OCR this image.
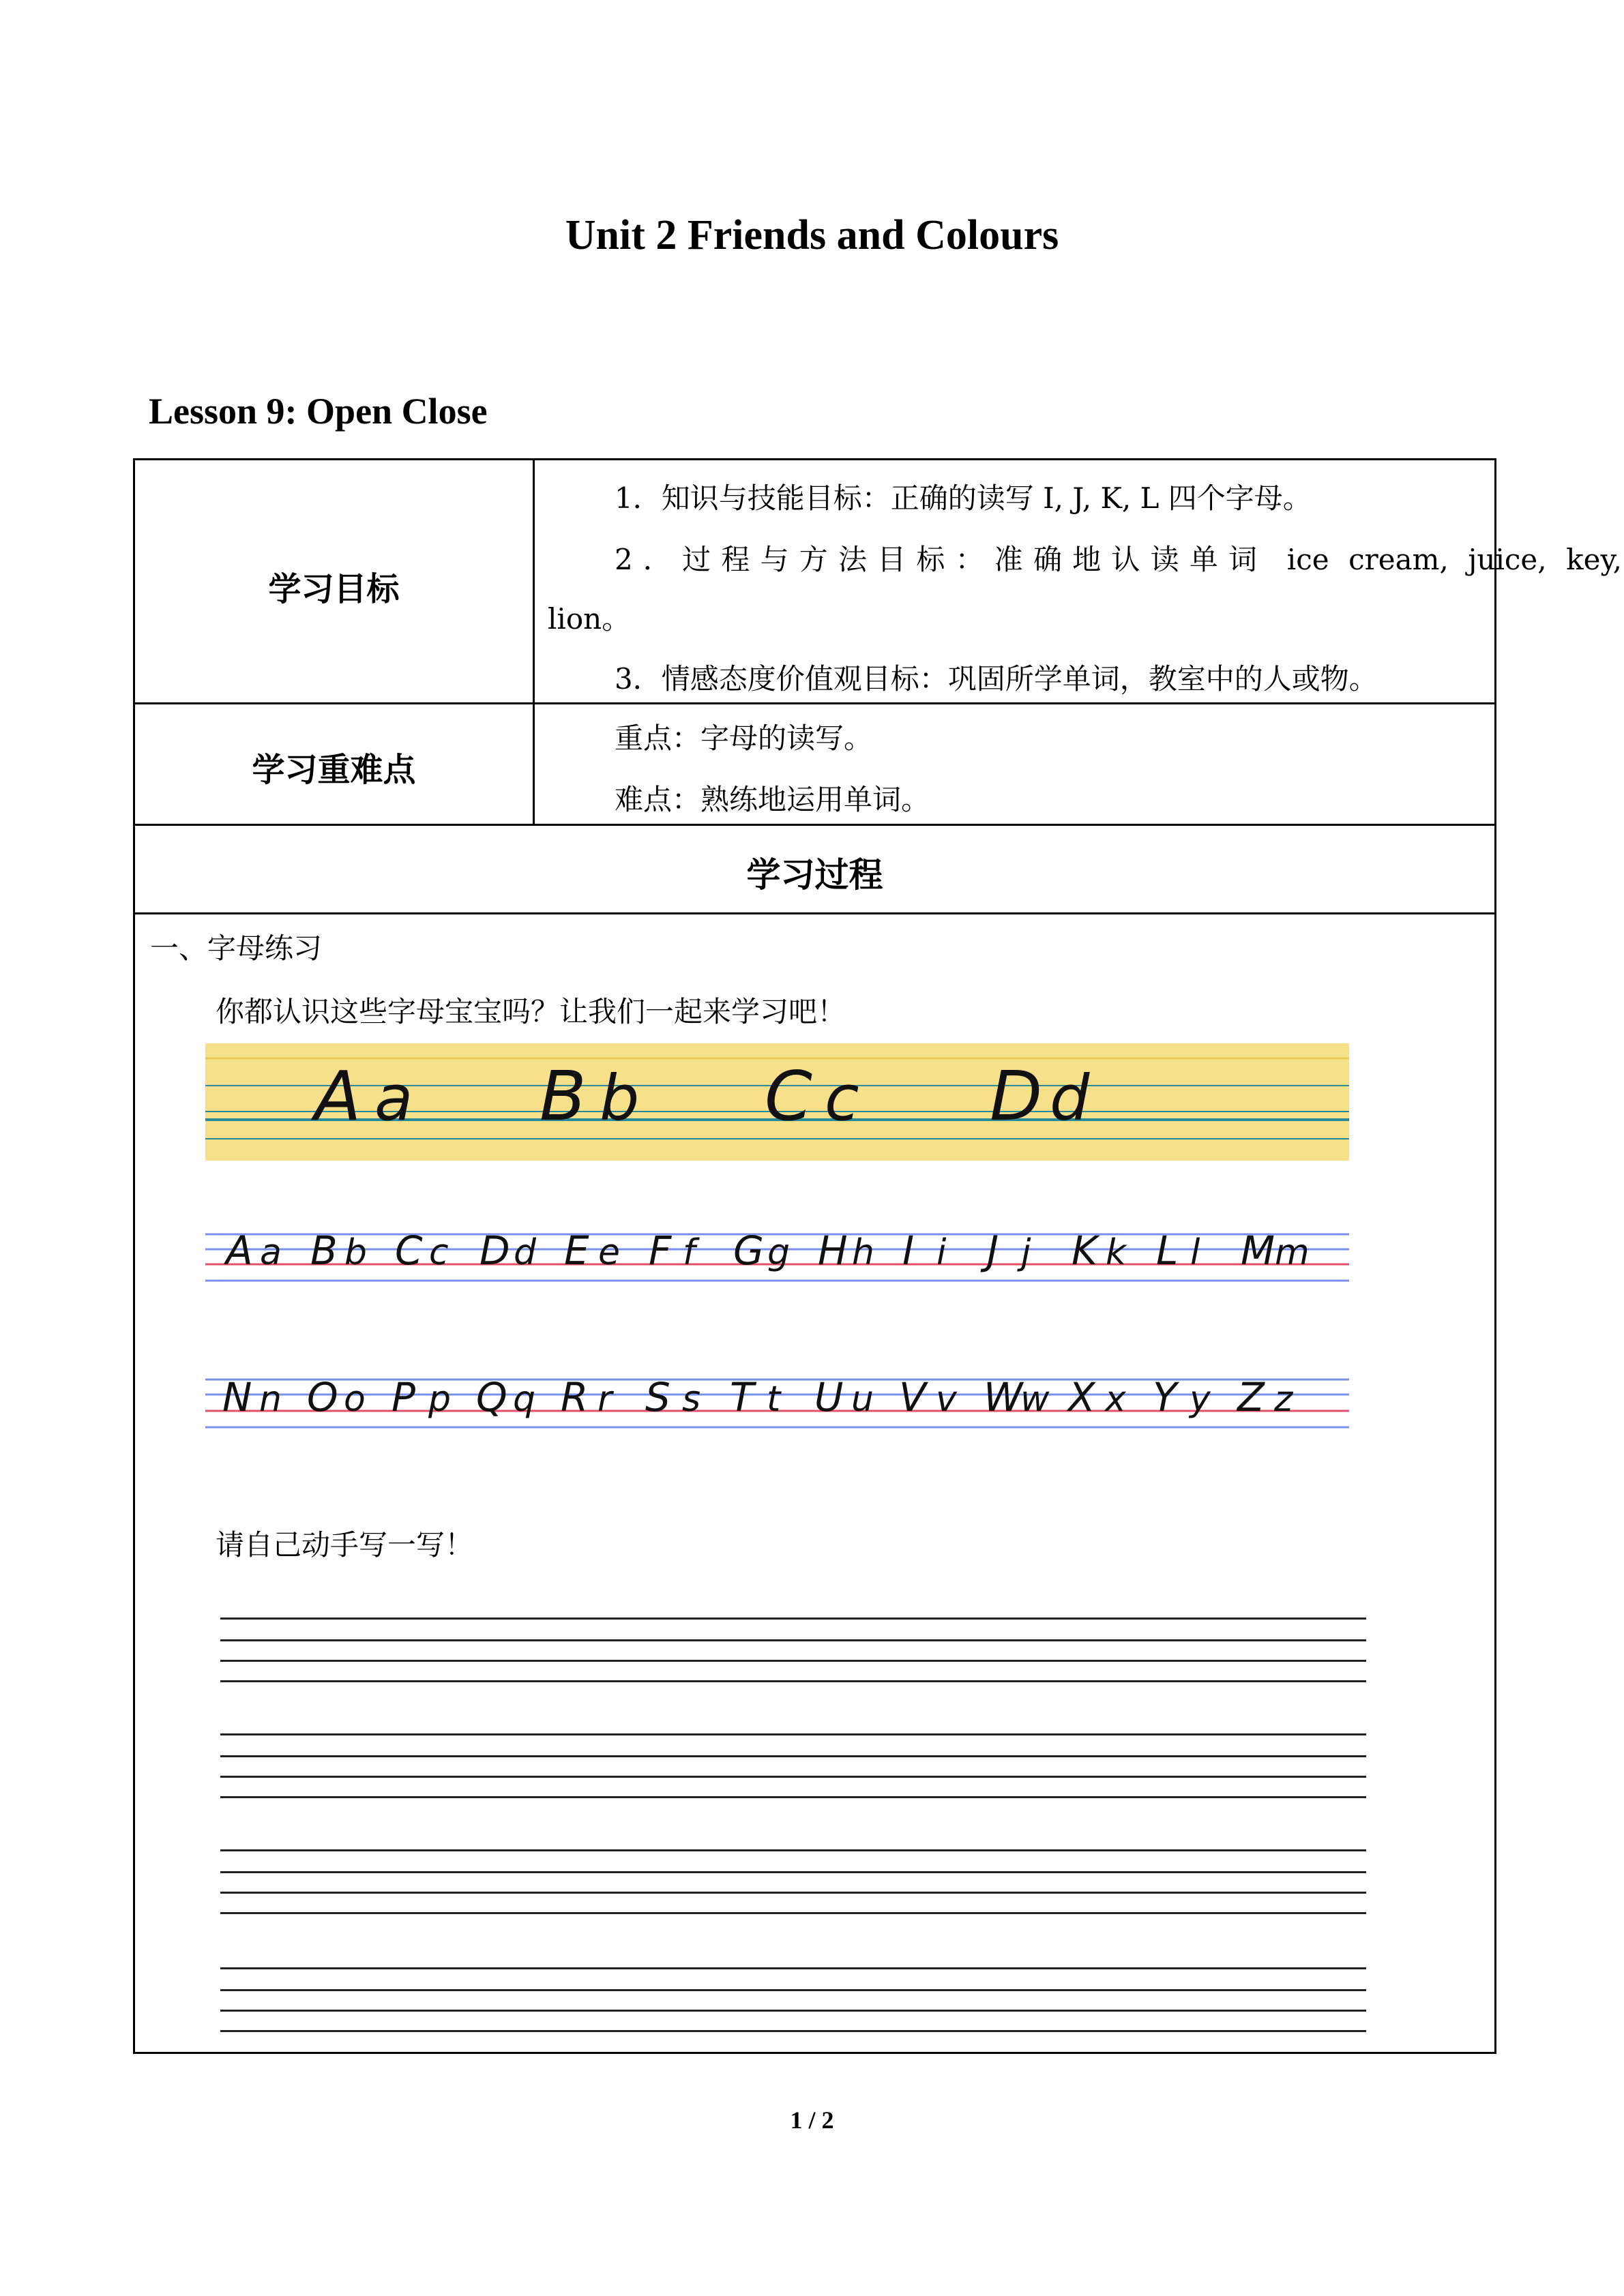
Unit 2 Friends and Colours
Lesson 9: Open Close
学习目标
1．知识与技能目标：正确的读写 I, J, K, L 四个字母。
2．过程与方法目标：准确地认读单词 ice cream, juice, key,
lion。
3．情感态度价值观目标：巩固所学单词，教室中的人或物。
学习重难点
重点：字母的读写。
难点：熟练地运用单词。
学习过程
一、字母练习
你都认识这些字母宝宝吗？让我们一起来学习吧！
A a B b C c D d
A a B b C c D d E e F f G g H h I i J j K k L l M m
N n O o P p Q q R r S s T t U u V v W
w X x Y y Z z
请自己动手写一写！
1 / 2
